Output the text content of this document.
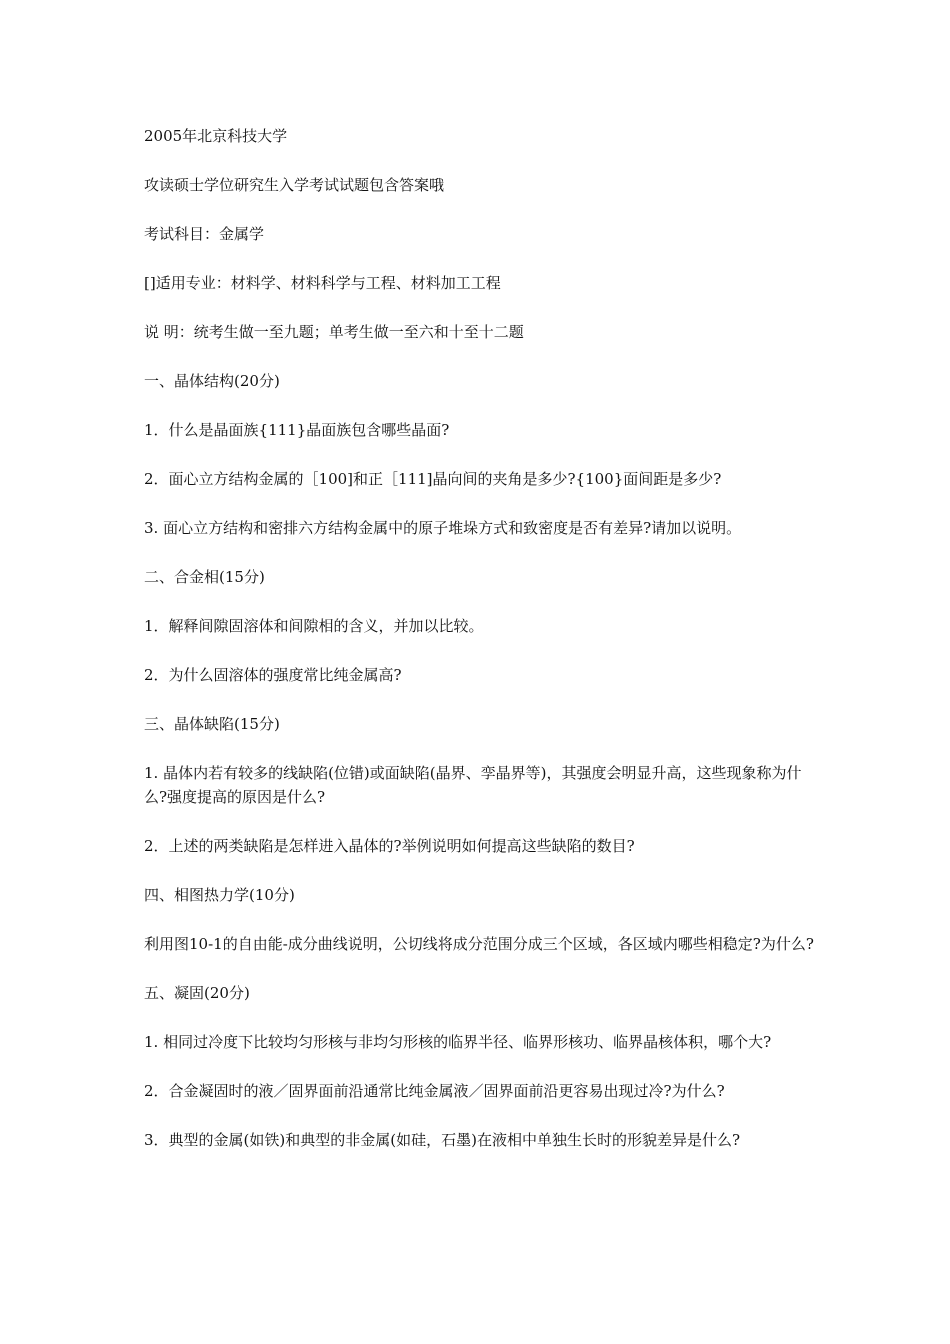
2005年北京科技大学

攻读硕士学位研究生入学考试试题包含答案哦

考试科目：金属学

[]适用专业：材料学、材料科学与工程、材料加工工程

说 明：统考生做一至九题；单考生做一至六和十至十二题

一、晶体结构(20分)

1．什么是晶面族{111}晶面族包含哪些晶面?

2．面心立方结构金属的［100]和正［111]晶向间的夹角是多少?{100}面间距是多少?

3. 面心立方结构和密排六方结构金属中的原子堆垛方式和致密度是否有差异?请加以说明。

二、合金相(15分)

1．解释间隙固溶体和间隙相的含义，并加以比较。

2．为什么固溶体的强度常比纯金属高?

三、晶体缺陷(15分)

1. 晶体内若有较多的线缺陷(位错)或面缺陷(晶界、孪晶界等)，其强度会明显升高，这些现象称为什么?强度提高的原因是什么?

2．上述的两类缺陷是怎样进入晶体的?举例说明如何提高这些缺陷的数目?

四、相图热力学(10分)

利用图10-1的自由能-成分曲线说明，公切线将成分范围分成三个区域，各区域内哪些相稳定?为什么?

五、凝固(20分)

1. 相同过冷度下比较均匀形核与非均匀形核的临界半径、临界形核功、临界晶核体积，哪个大?

2．合金凝固时的液／固界面前沿通常比纯金属液／固界面前沿更容易出现过冷?为什么?

3．典型的金属(如铁)和典型的非金属(如硅，石墨)在液相中单独生长时的形貌差异是什么?
